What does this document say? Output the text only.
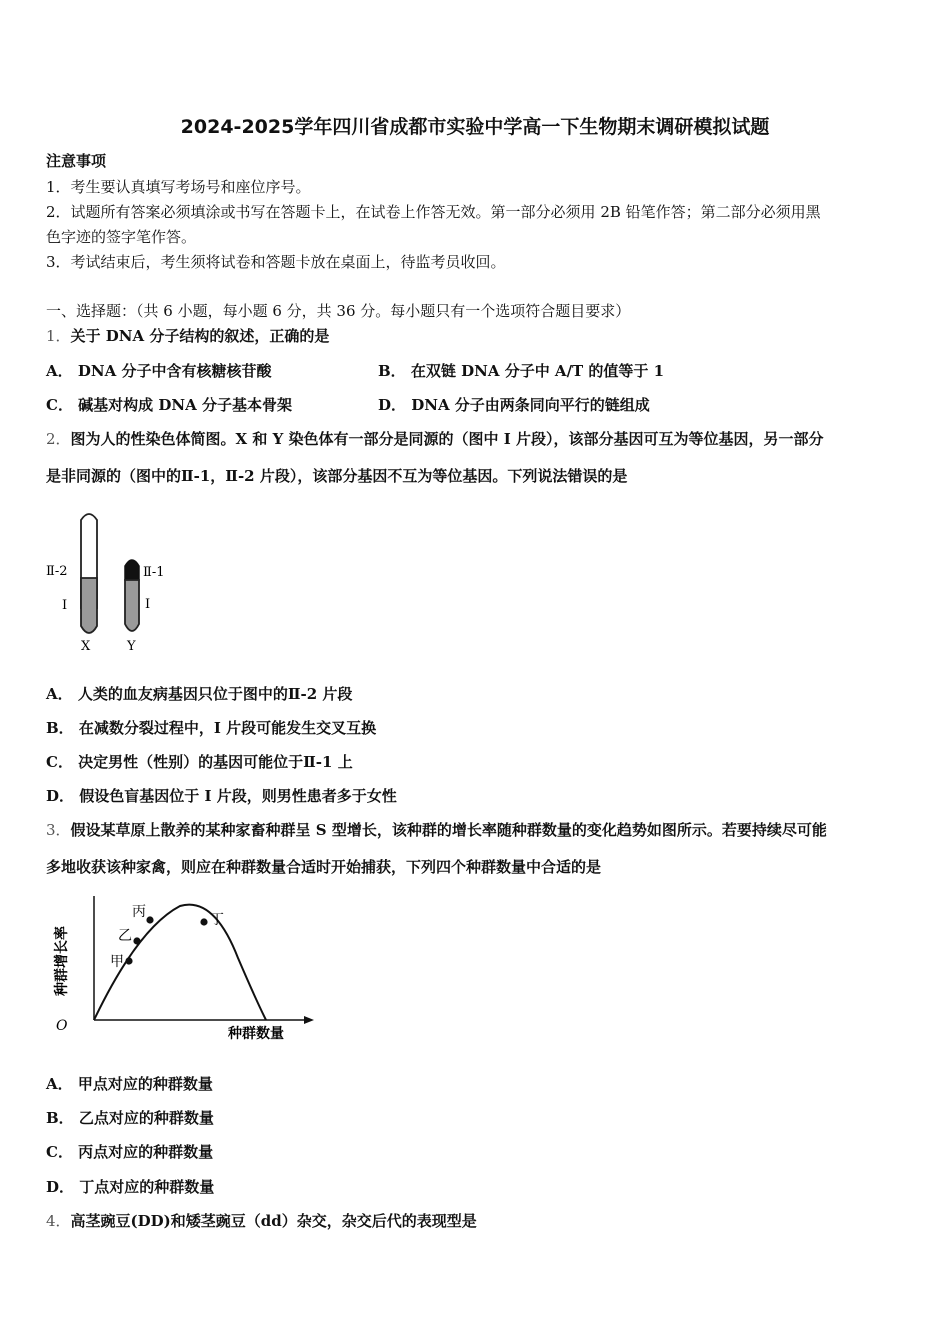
2024-2025学年四川省成都市实验中学高一下生物期末调研模拟试题
注意事项
1．考生要认真填写考场号和座位序号。
2．试题所有答案必须填涂或书写在答题卡上，在试卷上作答无效。第一部分必须用 2B 铅笔作答；第二部分必须用黑
色字迹的签字笔作答。
3．考试结束后，考生须将试卷和答题卡放在桌面上，待监考员收回。
一、选择题：（共 6 小题，每小题 6 分，共 36 分。每小题只有一个选项符合题目要求）
1．关于 DNA 分子结构的叙述，正确的是
A． DNA 分子中含有核糖核苷酸	B． 在双链 DNA 分子中 A/T 的值等于 1
C． 碱基对构成 DNA 分子基本骨架	D． DNA 分子由两条同向平行的链组成
2．图为人的性染色体简图。X 和 Y 染色体有一部分是同源的（图中 I 片段），该部分基因可互为等位基因，另一部分
是非同源的（图中的Ⅱ-1，Ⅱ-2 片段），该部分基因不互为等位基因。下列说法错误的是
Ⅱ-2
I
Ⅱ-1
I
X	Y
A． 人类的血友病基因只位于图中的Ⅱ-2 片段
B． 在减数分裂过程中，I 片段可能发生交叉互换
C． 决定男性（性别）的基因可能位于Ⅱ-1 上
D． 假设色盲基因位于 I 片段，则男性患者多于女性
3．假设某草原上散养的某种家畜种群呈 S 型增长，该种群的增长率随种群数量的变化趋势如图所示。若要持续尽可能
多地收获该种家禽，则应在种群数量合适时开始捕获，下列四个种群数量中合适的是
甲
乙
丙	丁
O	种群数量
种群增长率
A． 甲点对应的种群数量
B． 乙点对应的种群数量
C． 丙点对应的种群数量
D． 丁点对应的种群数量
4．高茎豌豆(DD)和矮茎豌豆（dd）杂交，杂交后代的表现型是
